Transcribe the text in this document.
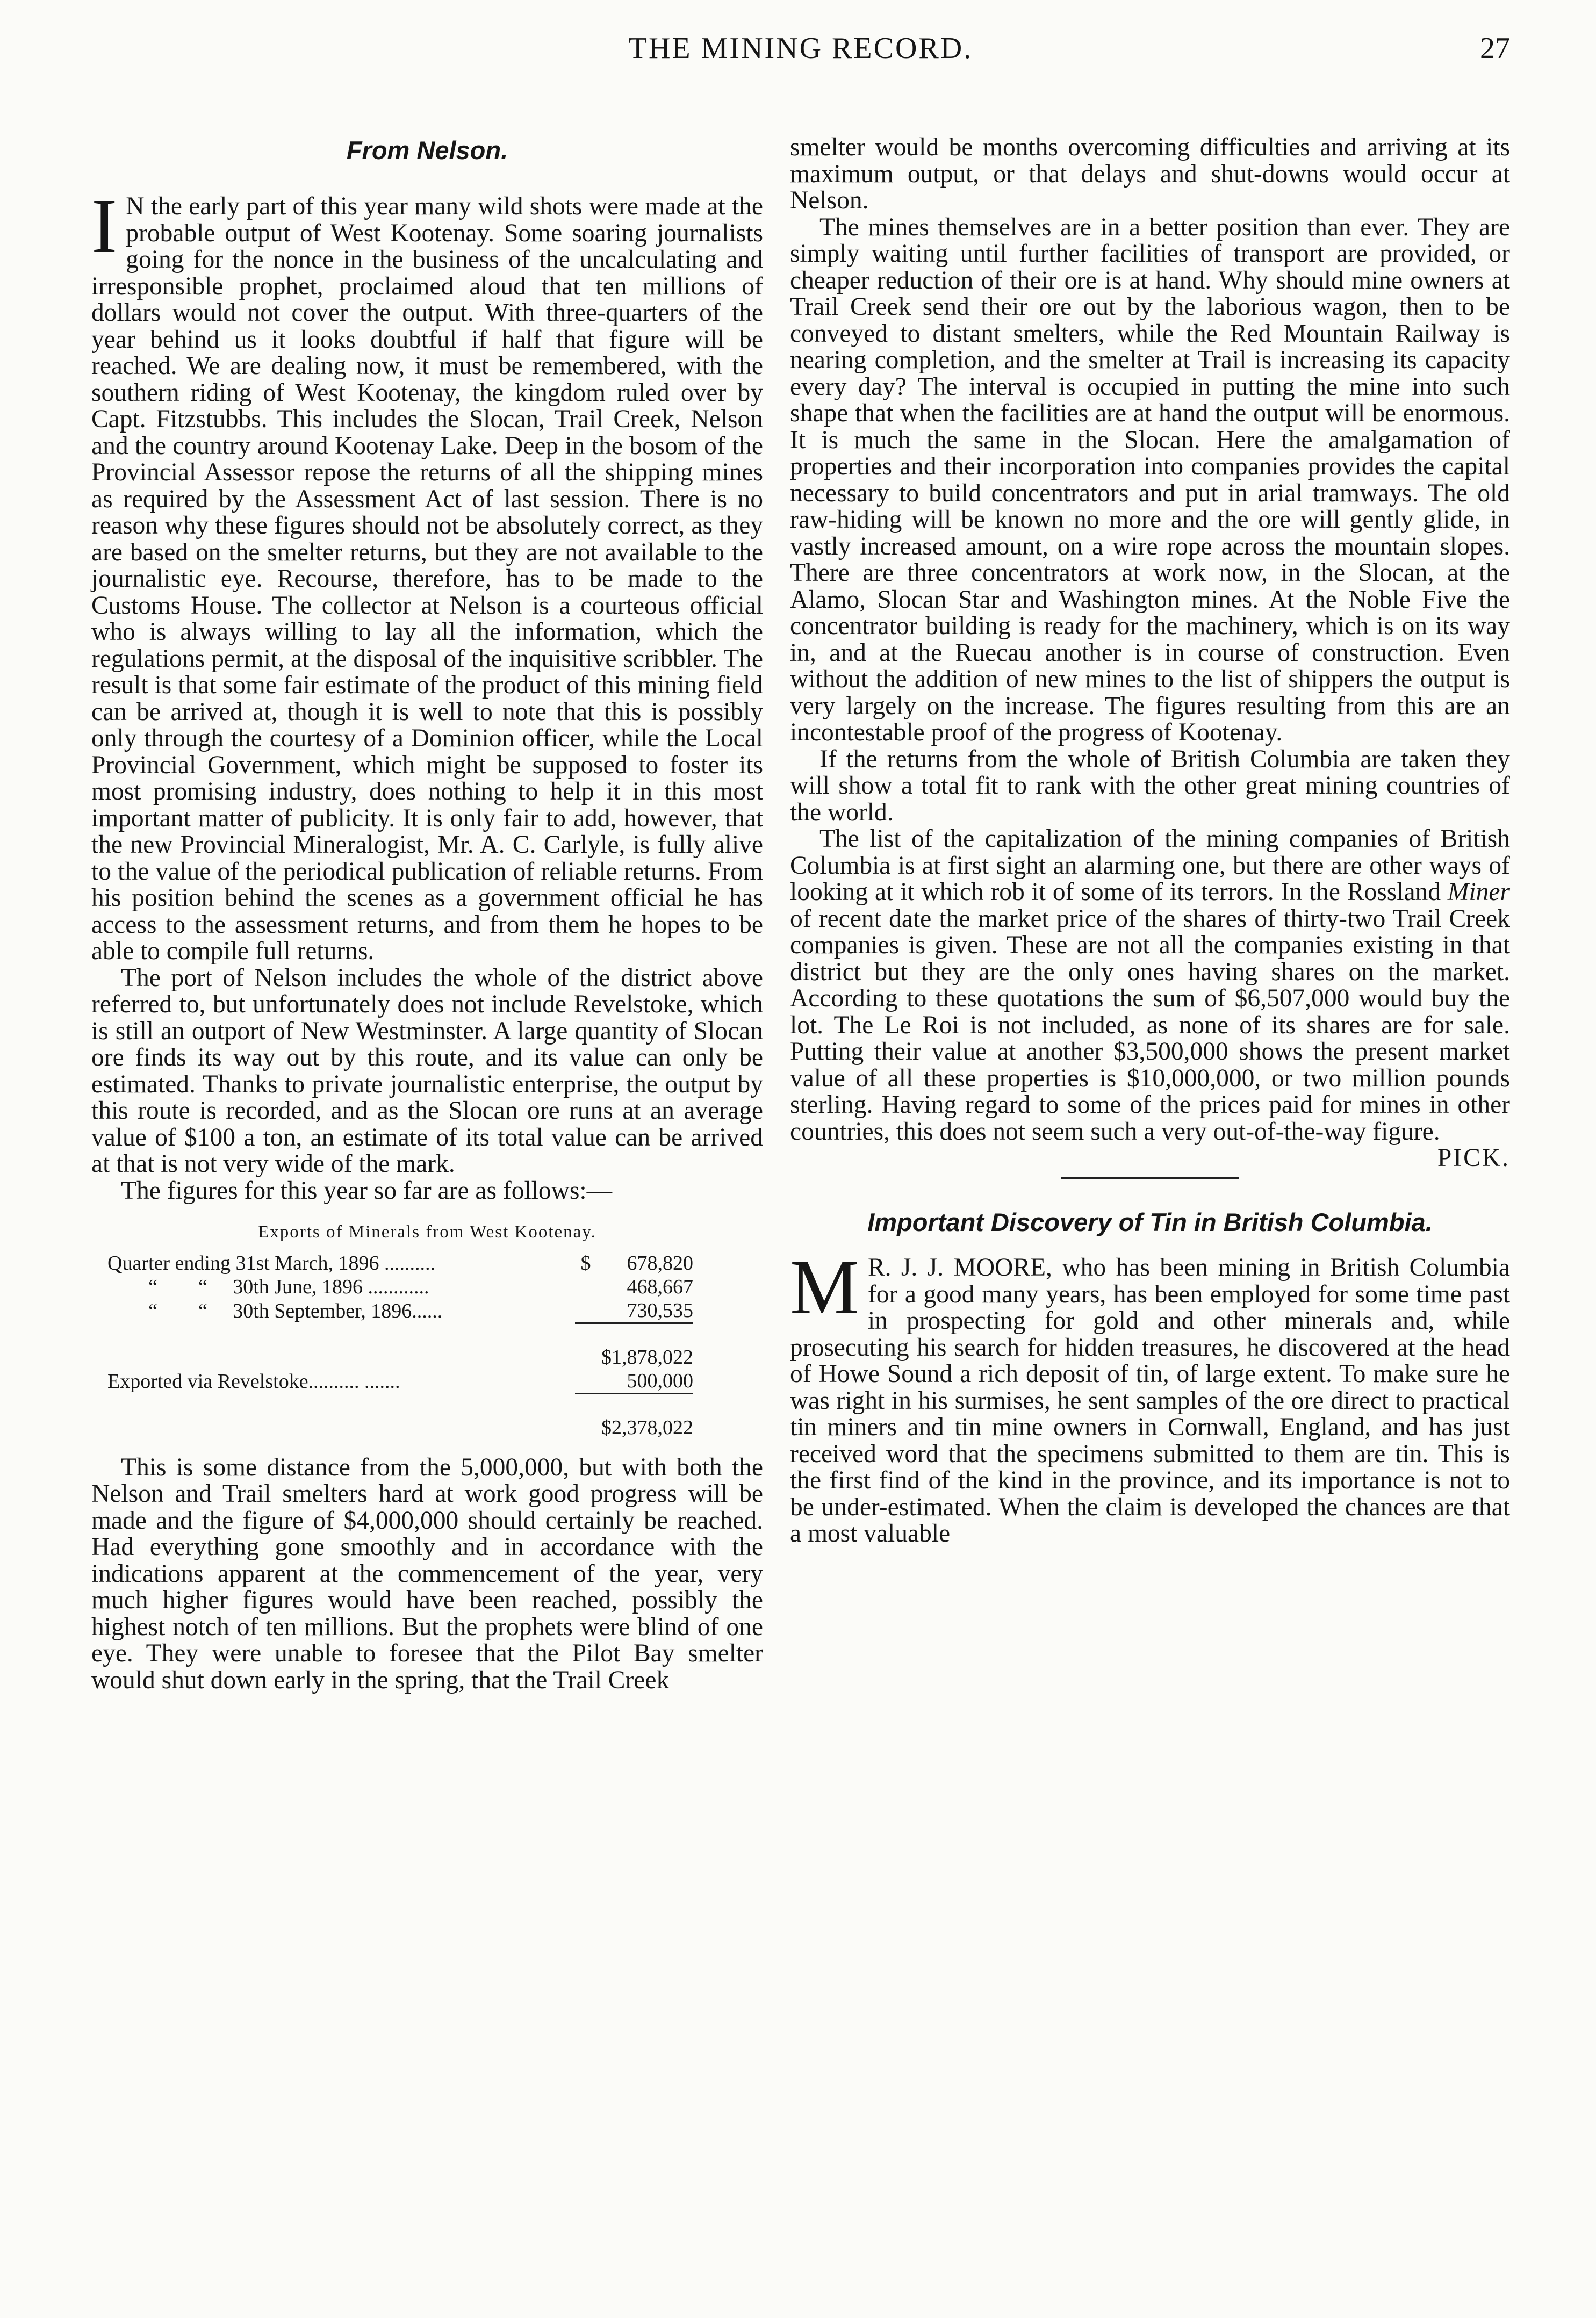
THE MINING RECORD.	27
From Nelson.

I N the early part of this year many wild shots were made at the probable output of West Kootenay. Some soaring journalists going for the nonce in the business of the uncalculating and irresponsible prophet, proclaimed aloud that ten millions of dollars would not cover the output. With three-quarters of the year behind us it looks doubtful if half that figure will be reached. We are dealing now, it must be remembered, with the southern riding of West Kootenay, the kingdom ruled over by Capt. Fitzstubbs. This includes the Slocan, Trail Creek, Nelson and the country around Kootenay Lake. Deep in the bosom of the Provincial Assessor repose the returns of all the shipping mines as required by the Assessment Act of last session. There is no reason why these figures should not be absolutely correct, as they are based on the smelter returns, but they are not available to the journalistic eye. Recourse, therefore, has to be made to the Customs House. The collector at Nelson is a courteous official who is always willing to lay all the information, which the regulations permit, at the disposal of the inquisitive scribbler. The result is that some fair estimate of the product of this mining field can be arrived at, though it is well to note that this is possibly only through the courtesy of a Dominion officer, while the Local Provincial Government, which might be supposed to foster its most promising industry, does nothing to help it in this most important matter of publicity. It is only fair to add, however, that the new Provincial Mineralogist, Mr. A. C. Carlyle, is fully alive to the value of the periodical publication of reliable returns. From his position behind the scenes as a government official he has access to the assessment returns, and from them he hopes to be able to compile full returns.

The port of Nelson includes the whole of the district above referred to, but unfortunately does not include Revelstoke, which is still an outport of New Westminster. A large quantity of Slocan ore finds its way out by this route, and its value can only be estimated. Thanks to private journalistic enterprise, the output by this route is recorded, and as the Slocan ore runs at an average value of $100 a ton, an estimate of its total value can be arrived at that is not very wide of the mark.

The figures for this year so far are as follows:—

Exports of Minerals from West Kootenay.
Quarter ending 31st March, 1896 ..........	$	678,820
“        “     30th June, 1896 ............		468,667
“        “     30th September, 1896......		730,535

		$1,878,022
Exported via Revelstoke.......... .......		500,000

		$2,378,022

This is some distance from the 5,000,000, but with both the Nelson and Trail smelters hard at work good progress will be made and the figure of $4,000,000 should certainly be reached. Had everything gone smoothly and in accordance with the indications apparent at the commencement of the year, very much higher figures would have been reached, possibly the highest notch of ten millions. But the prophets were blind of one eye. They were unable to foresee that the Pilot Bay smelter would shut down early in the spring, that the Trail Creek

smelter would be months overcoming difficulties and arriving at its maximum output, or that delays and shut-downs would occur at Nelson.

The mines themselves are in a better position than ever. They are simply waiting until further facilities of transport are provided, or cheaper reduction of their ore is at hand. Why should mine owners at Trail Creek send their ore out by the laborious wagon, then to be conveyed to distant smelters, while the Red Mountain Railway is nearing completion, and the smelter at Trail is increasing its capacity every day? The interval is occupied in putting the mine into such shape that when the facilities are at hand the output will be enormous. It is much the same in the Slocan. Here the amalgamation of properties and their incorporation into companies provides the capital necessary to build concentrators and put in arial tramways. The old raw-hiding will be known no more and the ore will gently glide, in vastly increased amount, on a wire rope across the mountain slopes. There are three concentrators at work now, in the Slocan, at the Alamo, Slocan Star and Washington mines. At the Noble Five the concentrator building is ready for the machinery, which is on its way in, and at the Ruecau another is in course of construction. Even without the addition of new mines to the list of shippers the output is very largely on the increase. The figures resulting from this are an incontestable proof of the progress of Kootenay.

If the returns from the whole of British Columbia are taken they will show a total fit to rank with the other great mining countries of the world.

The list of the capitalization of the mining companies of British Columbia is at first sight an alarming one, but there are other ways of looking at it which rob it of some of its terrors. In the Rossland Miner of recent date the market price of the shares of thirty-two Trail Creek companies is given. These are not all the companies existing in that district but they are the only ones having shares on the market. According to these quotations the sum of $6,507,000 would buy the lot. The Le Roi is not included, as none of its shares are for sale. Putting their value at another $3,500,000 shows the present market value of all these properties is $10,000,000, or two million pounds sterling. Having regard to some of the prices paid for mines in other countries, this does not seem such a very out-of-the-way figure.
PICK.

Important Discovery of Tin in British Columbia.

M R. J. J. MOORE, who has been mining in British Columbia for a good many years, has been employed for some time past in prospecting for gold and other minerals and, while prosecuting his search for hidden treasures, he discovered at the head of Howe Sound a rich deposit of tin, of large extent. To make sure he was right in his surmises, he sent samples of the ore direct to practical tin miners and tin mine owners in Cornwall, England, and has just received word that the specimens submitted to them are tin. This is the first find of the kind in the province, and its importance is not to be under-estimated. When the claim is developed the chances are that a most valuable
